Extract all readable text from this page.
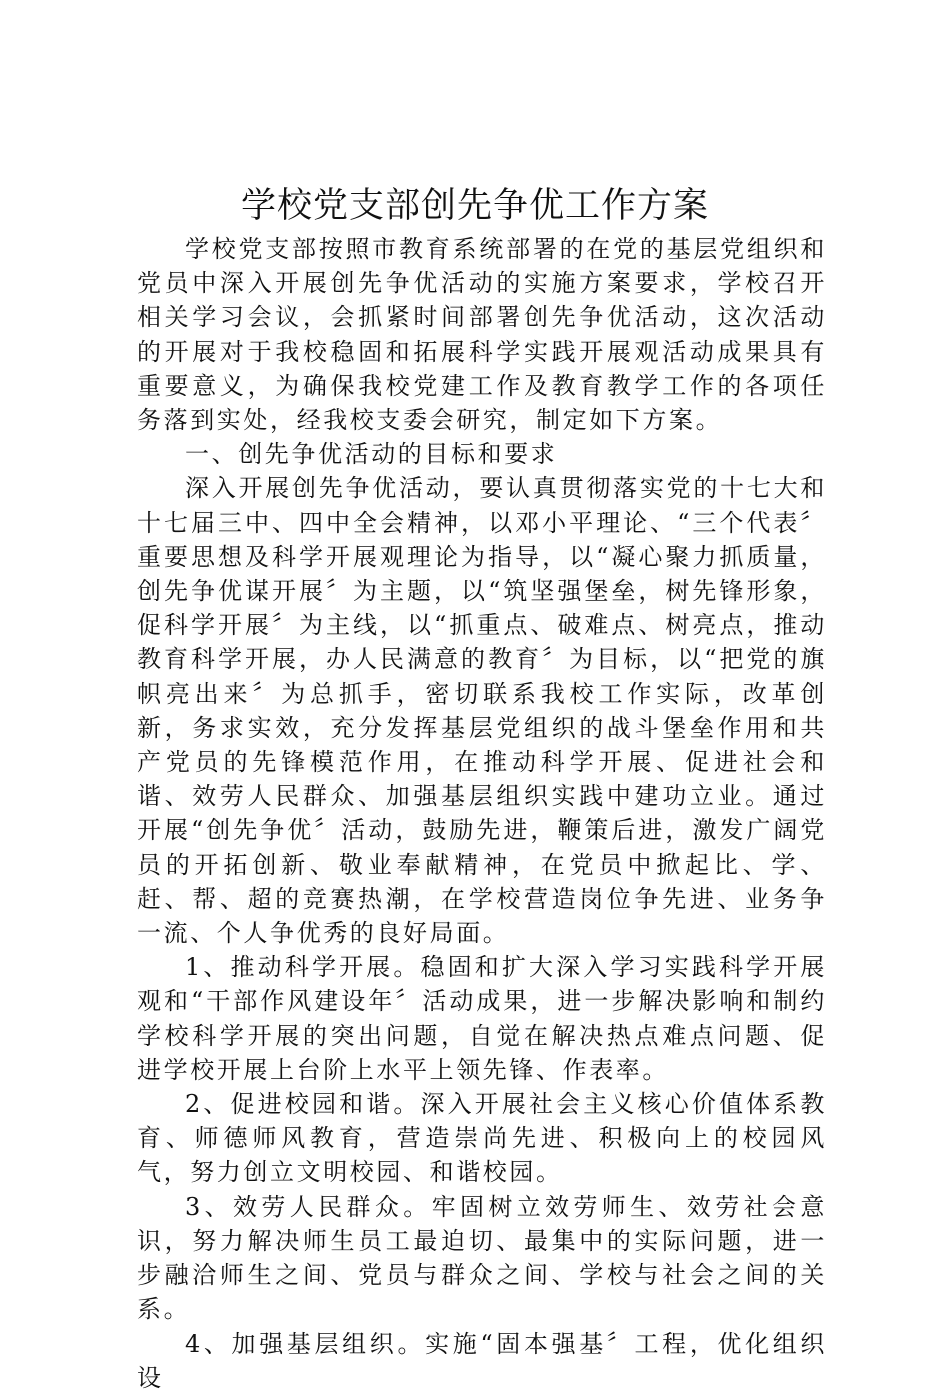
学校党支部创先争优工作方案

学校党支部按照市教育系统部署的在党的基层党组织和党员中深入开展创先争优活动的实施方案要求，学校召开相关学习会议，会抓紧时间部署创先争优活动，这次活动的开展对于我校稳固和拓展科学实践开展观活动成果具有重要意义，为确保我校党建工作及教育教学工作的各项任务落到实处，经我校支委会研究，制定如下方案。

一、创先争优活动的目标和要求

深入开展创先争优活动，要认真贯彻落实党的十七大和十七届三中、四中全会精神，以邓小平理论、“三个代表〞重要思想及科学开展观理论为指导，以“凝心聚力抓质量，创先争优谋开展〞为主题，以“筑坚强堡垒，树先锋形象，促科学开展〞为主线，以“抓重点、破难点、树亮点，推动教育科学开展，办人民满意的教育〞为目标，以“把党的旗帜亮出来〞为总抓手，密切联系我校工作实际，改革创新，务求实效，充分发挥基层党组织的战斗堡垒作用和共产党员的先锋模范作用，在推动科学开展、促进社会和谐、效劳人民群众、加强基层组织实践中建功立业。通过开展“创先争优〞活动，鼓励先进，鞭策后进，激发广阔党员的开拓创新、敬业奉献精神，在党员中掀起比、学、赶、帮、超的竞赛热潮，在学校营造岗位争先进、业务争一流、个人争优秀的良好局面。

1、推动科学开展。稳固和扩大深入学习实践科学开展观和“干部作风建设年〞活动成果，进一步解决影响和制约学校科学开展的突出问题，自觉在解决热点难点问题、促进学校开展上台阶上水平上领先锋、作表率。

2、促进校园和谐。深入开展社会主义核心价值体系教育、师德师风教育，营造崇尚先进、积极向上的校园风气，努力创立文明校园、和谐校园。

3、效劳人民群众。牢固树立效劳师生、效劳社会意识，努力解决师生员工最迫切、最集中的实际问题，进一步融洽师生之间、党员与群众之间、学校与社会之间的关系。

4、加强基层组织。实施“固本强基〞工程，优化组织设
